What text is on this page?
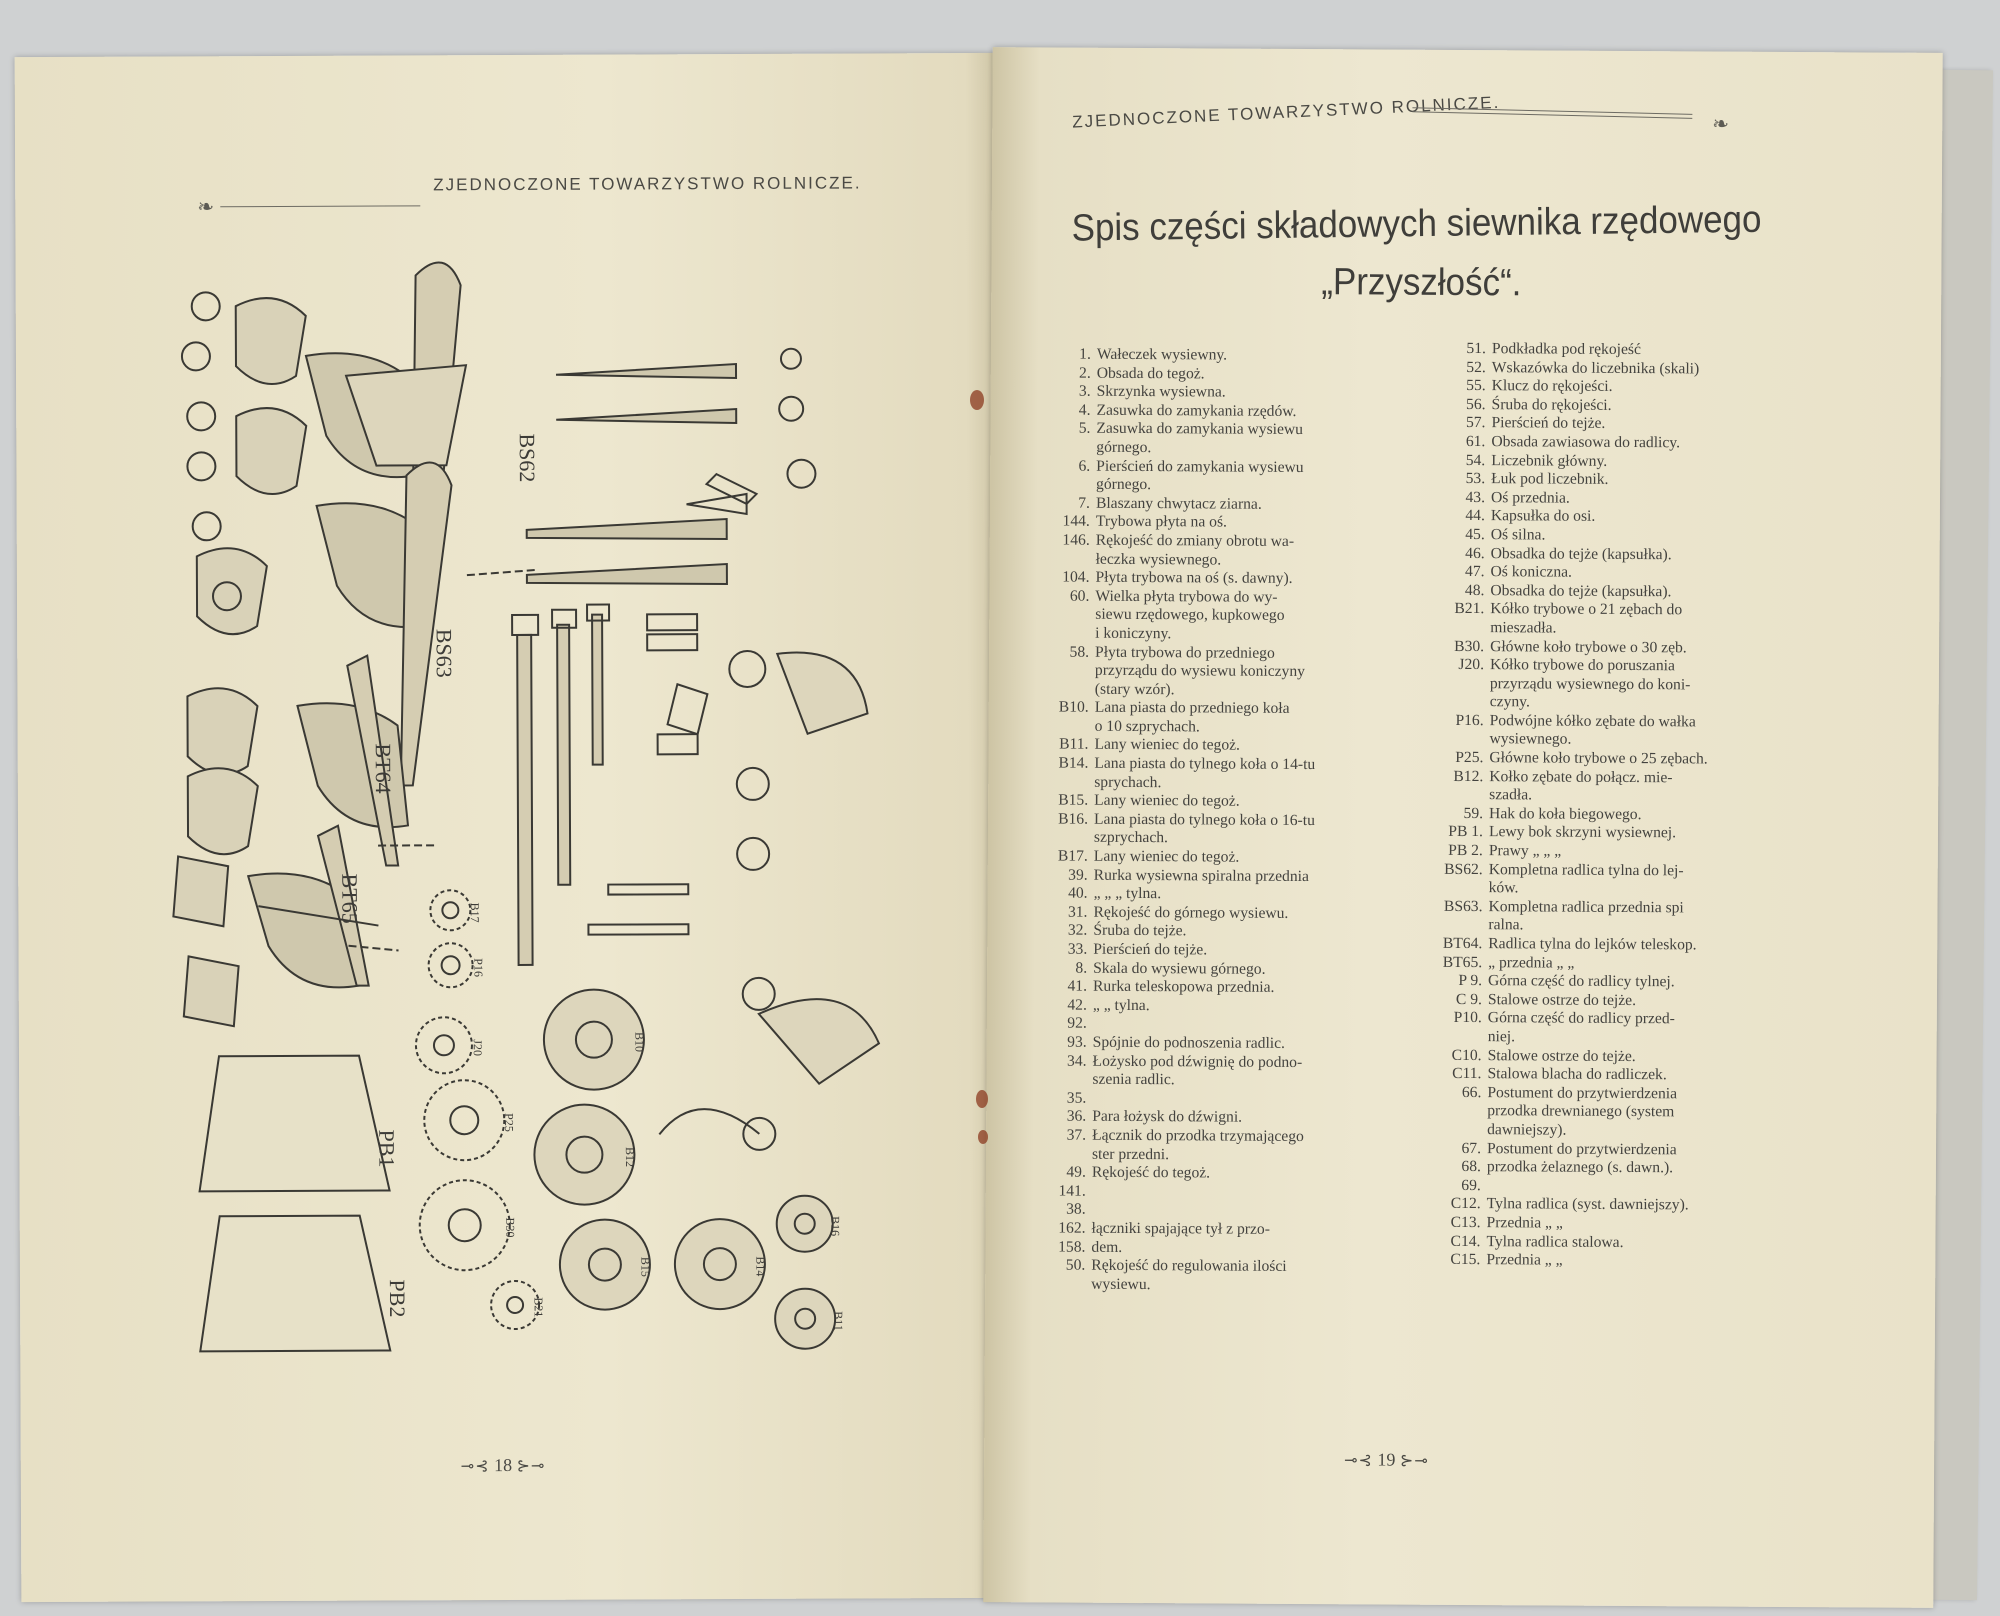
❧
ZJEDNOCZONE TOWARZYSTWO ROLNICZE.
BS62
BS63
BT64
BT65
PB1
PB2
B17
P16
J20
P25
B30
B21
B10
B12
B15	B14
B16
B11
⊸⊰ 18 ⊱⊸
ZJEDNOCZONE TOWARZYSTWO ROLNICZE.	❧
Spis części składowych siewnika rzędowego
„Przyszłość“.
1. Wałeczek wysiewny.
2. Obsada do tegoż.
3. Skrzynka wysiewna.
4. Zasuwka do zamykania rzędów.
5. Zasuwka do zamykania wysiewu
górnego.
6. Pierścień do zamykania wysiewu
górnego.
7. Blaszany chwytacz ziarna.
144. Trybowa płyta na oś.
146. Rękojeść do zmiany obrotu wa-
łeczka wysiewnego.
104. Płyta trybowa na oś (s. dawny).
60. Wielka płyta trybowa do wy-
siewu rzędowego, kupkowego
i koniczyny.
58. Płyta trybowa do przedniego
przyrządu do wysiewu koniczyny
(stary wzór).
B10. Lana piasta do przedniego koła
o 10 szprychach.
B11. Lany wieniec do tegoż.
B14. Lana piasta do tylnego koła o 14-tu
sprychach.
B15. Lany wieniec do tegoż.
B16. Lana piasta do tylnego koła o 16-tu
szprychach.
B17. Lany wieniec do tegoż.
39. Rurka wysiewna spiralna przednia
40. „ „ „ tylna.
31. Rękojeść do górnego wysiewu.
32. Śruba do tejże.
33. Pierścień do tejże.
8. Skala do wysiewu górnego.
41. Rurka teleskopowa przednia.
42. „ „ tylna.
92.
93. Spójnie do podnoszenia radlic.
34. Łożysko pod dźwignię do podno-
szenia radlic.
35.
36. Para łożysk do dźwigni.
37. Łącznik do przodka trzymającego
ster przedni.
49. Rękojeść do tegoż.
141.
38.
162. łączniki spajające tył z przo-
158. dem.
50. Rękojeść do regulowania ilości
wysiewu.
51. Podkładka pod rękojeść
52. Wskazówka do liczebnika (skali)
55. Klucz do rękojeści.
56. Śruba do rękojeści.
57. Pierścień do tejże.
61. Obsada zawiasowa do radlicy.
54. Liczebnik główny.
53. Łuk pod liczebnik.
43. Oś przednia.
44. Kapsułka do osi.
45. Oś silna.
46. Obsadka do tejże (kapsułka).
47. Oś koniczna.
48. Obsadka do tejże (kapsułka).
B21. Kółko trybowe o 21 zębach do
mieszadła.
B30. Główne koło trybowe o 30 zęb.
J20. Kółko trybowe do poruszania
przyrządu wysiewnego do koni-
czyny.
P16. Podwójne kółko zębate do wałka
wysiewnego.
P25. Główne koło trybowe o 25 zębach.
B12. Kołko zębate do połącz. mie-
szadła.
59. Hak do koła biegowego.
PB 1. Lewy bok skrzyni wysiewnej.
PB 2. Prawy „ „ „
BS62. Kompletna radlica tylna do lej-
ków.
BS63. Kompletna radlica przednia spi
ralna.
BT64. Radlica tylna do lejków teleskop.
BT65. „ przednia „ „
P 9. Górna część do radlicy tylnej.
C 9. Stalowe ostrze do tejże.
P10. Górna część do radlicy przed-
niej.
C10. Stalowe ostrze do tejże.
C11. Stalowa blacha do radliczek.
66. Postument do przytwierdzenia
przodka drewnianego (system
dawniejszy).
67. Postument do przytwierdzenia
68. przodka żelaznego (s. dawn.).
69.
C12. Tylna radlica (syst. dawniejszy).
C13. Przednia „ „
C14. Tylna radlica stalowa.
C15. Przednia „ „
⊸⊰ 19 ⊱⊸
